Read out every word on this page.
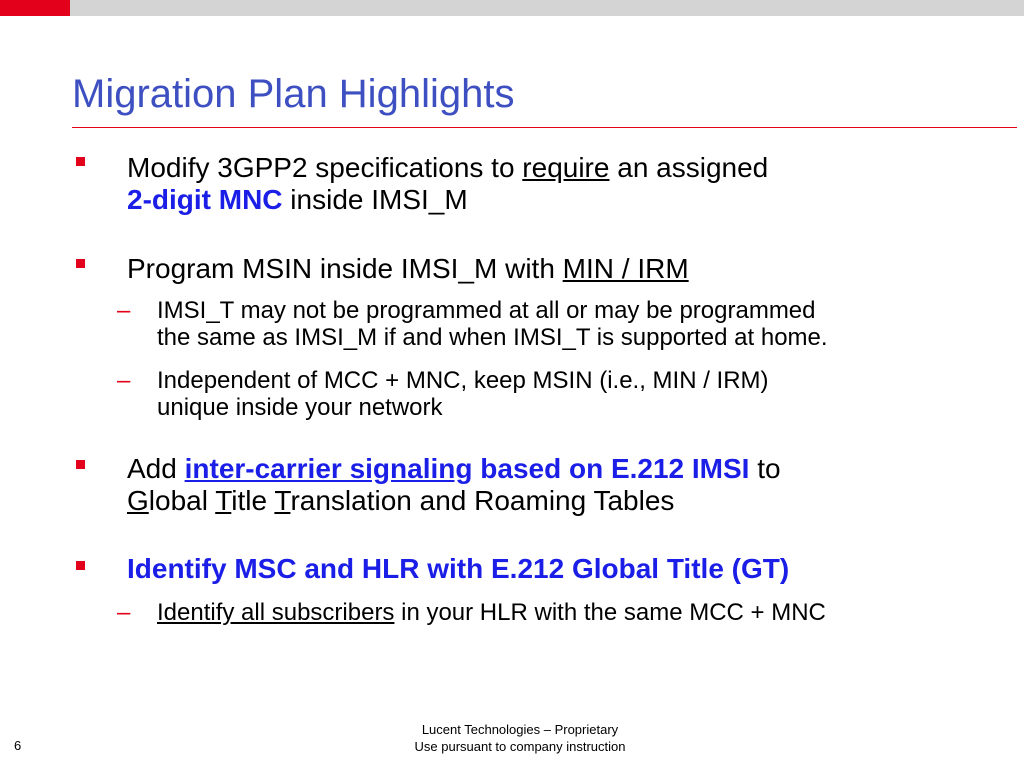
Migration Plan Highlights
Modify 3GPP2 specifications to require an assigned
2-digit MNC inside IMSI_M
Program MSIN inside IMSI_M with MIN / IRM
– IMSI_T may not be programmed at all or may be programmed
the same as IMSI_M if and when IMSI_T is supported at home.
– Independent of MCC + MNC, keep MSIN (i.e., MIN / IRM)
unique inside your network
Add inter-carrier signaling based on E.212 IMSI to
Global Title Translation and Roaming Tables
Identify MSC and HLR with E.212 Global Title (GT)
– Identify all subscribers in your HLR with the same MCC + MNC
6
Lucent Technologies – Proprietary
Use pursuant to company instruction
